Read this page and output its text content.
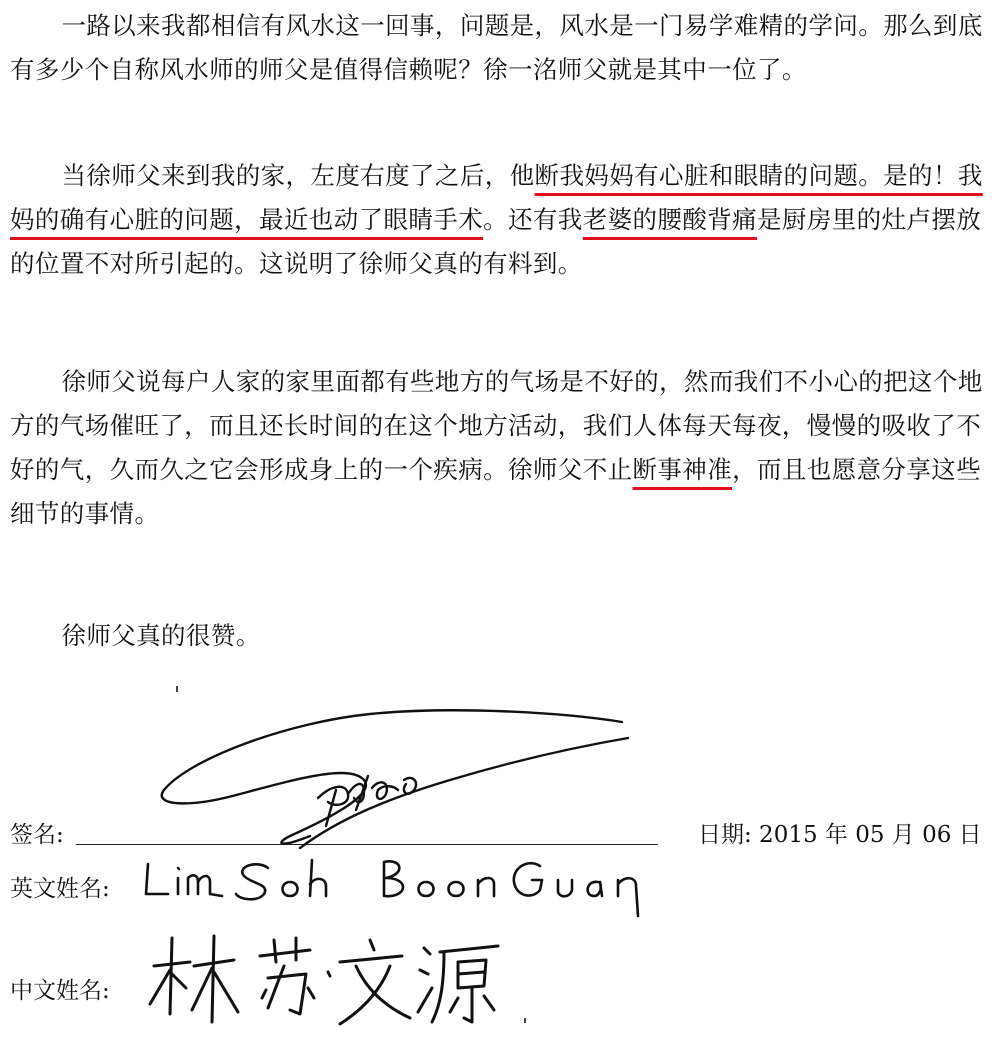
一路以来我都相信有风水这一回事，问题是，风水是一门易学难精的学问。那么到底有多少个自称风水师的师父是值得信赖呢？徐一洺师父就是其中一位了。

当徐师父来到我的家，左度右度了之后，他断我妈妈有心脏和眼睛的问题。是的！我妈的确有心脏的问题，最近也动了眼睛手术。还有我老婆的腰酸背痛是厨房里的灶卢摆放的位置不对所引起的。这说明了徐师父真的有料到。

徐师父说每户人家的家里面都有些地方的气场是不好的，然而我们不小心的把这个地方的气场催旺了，而且还长时间的在这个地方活动，我们人体每天每夜，慢慢的吸收了不好的气，久而久之它会形成身上的一个疾病。徐师父不止断事神准，而且也愿意分享这些细节的事情。

徐师父真的很赞。

签名:	日期: 2015 年 05 月 06 日
英文姓名:
中文姓名:
